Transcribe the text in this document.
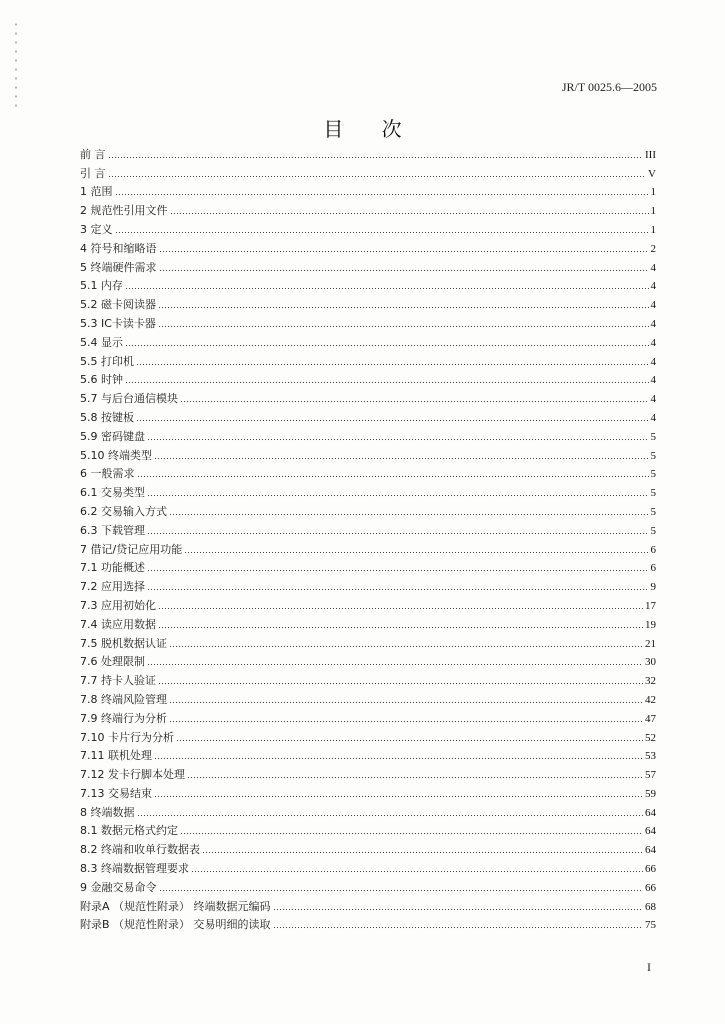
JR/T 0025.6—2005
目 次
前 言	III
引 言	V
1 范围	1
2 规范性引用文件	1
3 定义	1
4 符号和缩略语	2
5 终端硬件需求	4
5.1 内存	4
5.2 磁卡阅读器	4
5.3 IC卡读卡器	4
5.4 显示	4
5.5 打印机	4
5.6 时钟	4
5.7 与后台通信模块	4
5.8 按键板	4
5.9 密码键盘	5
5.10 终端类型	5
6 一般需求	5
6.1 交易类型	5
6.2 交易输入方式	5
6.3 下载管理	5
7 借记/贷记应用功能	6
7.1 功能概述	6
7.2 应用选择	9
7.3 应用初始化	17
7.4 读应用数据	19
7.5 脱机数据认证	21
7.6 处理限制	30
7.7 持卡人验证	32
7.8 终端风险管理	42
7.9 终端行为分析	47
7.10 卡片行为分析	52
7.11 联机处理	53
7.12 发卡行脚本处理	57
7.13 交易结束	59
8 终端数据	64
8.1 数据元格式约定	64
8.2 终端和收单行数据表	64
8.3 终端数据管理要求	66
9 金融交易命令	66
附录A （规范性附录） 终端数据元编码	68
附录B （规范性附录） 交易明细的读取	75
I
